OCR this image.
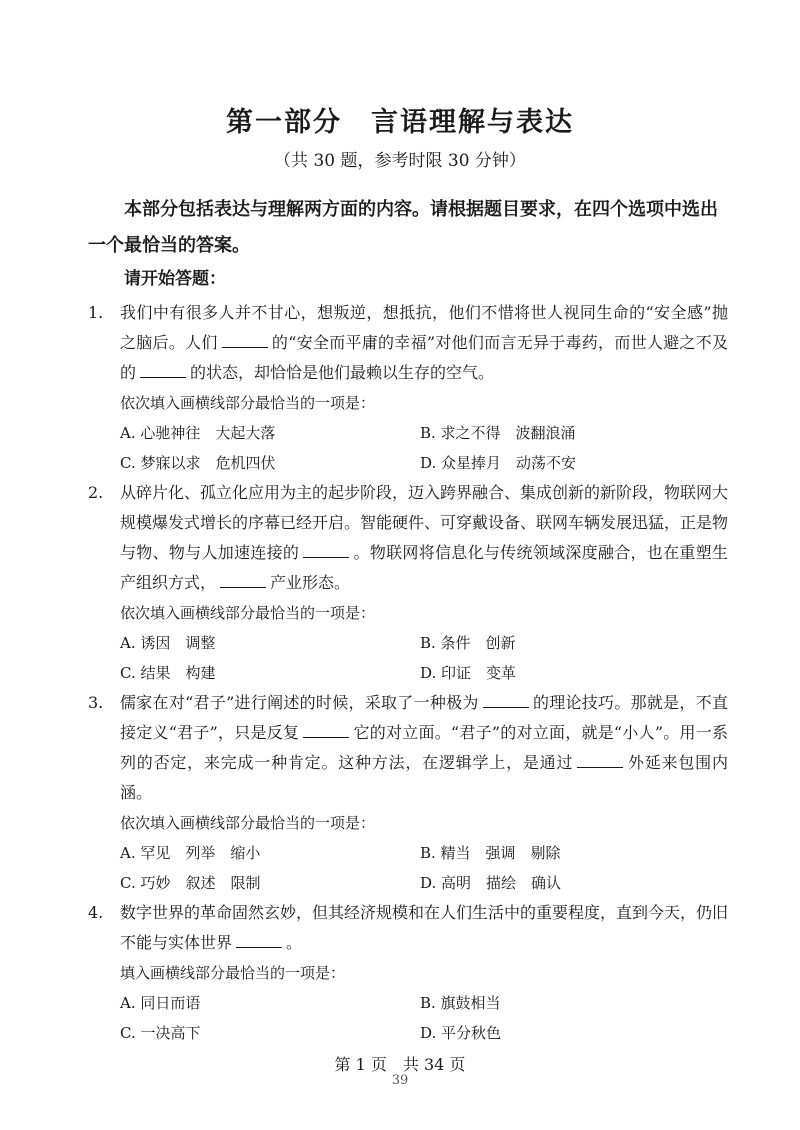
第一部分　言语理解与表达
（共 30 题，参考时限 30 分钟）
本部分包括表达与理解两方面的内容。请根据题目要求，在四个选项中选出一个最恰当的答案。
请开始答题：
1. 我们中有很多人并不甘心，想叛逆，想抵抗，他们不惜将世人视同生命的“安全感”抛之脑后。人们	的“安全而平庸的幸福”对他们而言无异于毒药，而世人避之不及的	的状态，却恰恰是他们最赖以生存的空气。
依次填入画横线部分最恰当的一项是：
A. 心驰神往　大起大落	B. 求之不得　波翻浪涌
C. 梦寐以求　危机四伏	D. 众星捧月　动荡不安
2. 从碎片化、孤立化应用为主的起步阶段，迈入跨界融合、集成创新的新阶段，物联网大规模爆发式增长的序幕已经开启。智能硬件、可穿戴设备、联网车辆发展迅猛，正是物与物、物与人加速连接的	。物联网将信息化与传统领域深度融合，也在重塑生产组织方式，	产业形态。
依次填入画横线部分最恰当的一项是：
A. 诱因　调整	B. 条件　创新
C. 结果　构建	D. 印证　变革
3. 儒家在对“君子”进行阐述的时候，采取了一种极为	的理论技巧。那就是，不直接定义“君子”，只是反复	它的对立面。“君子”的对立面，就是“小人”。用一系列的否定，来完成一种肯定。这种方法，在逻辑学上，是通过	外延来包围内涵。
依次填入画横线部分最恰当的一项是：
A. 罕见　列举　缩小	B. 精当　强调　剔除
C. 巧妙　叙述　限制	D. 高明　描绘　确认
4. 数字世界的革命固然玄妙，但其经济规模和在人们生活中的重要程度，直到今天，仍旧不能与实体世界	。
填入画横线部分最恰当的一项是：
A. 同日而语	B. 旗鼓相当
C. 一决高下	D. 平分秋色
第 1 页　共 34 页
39
